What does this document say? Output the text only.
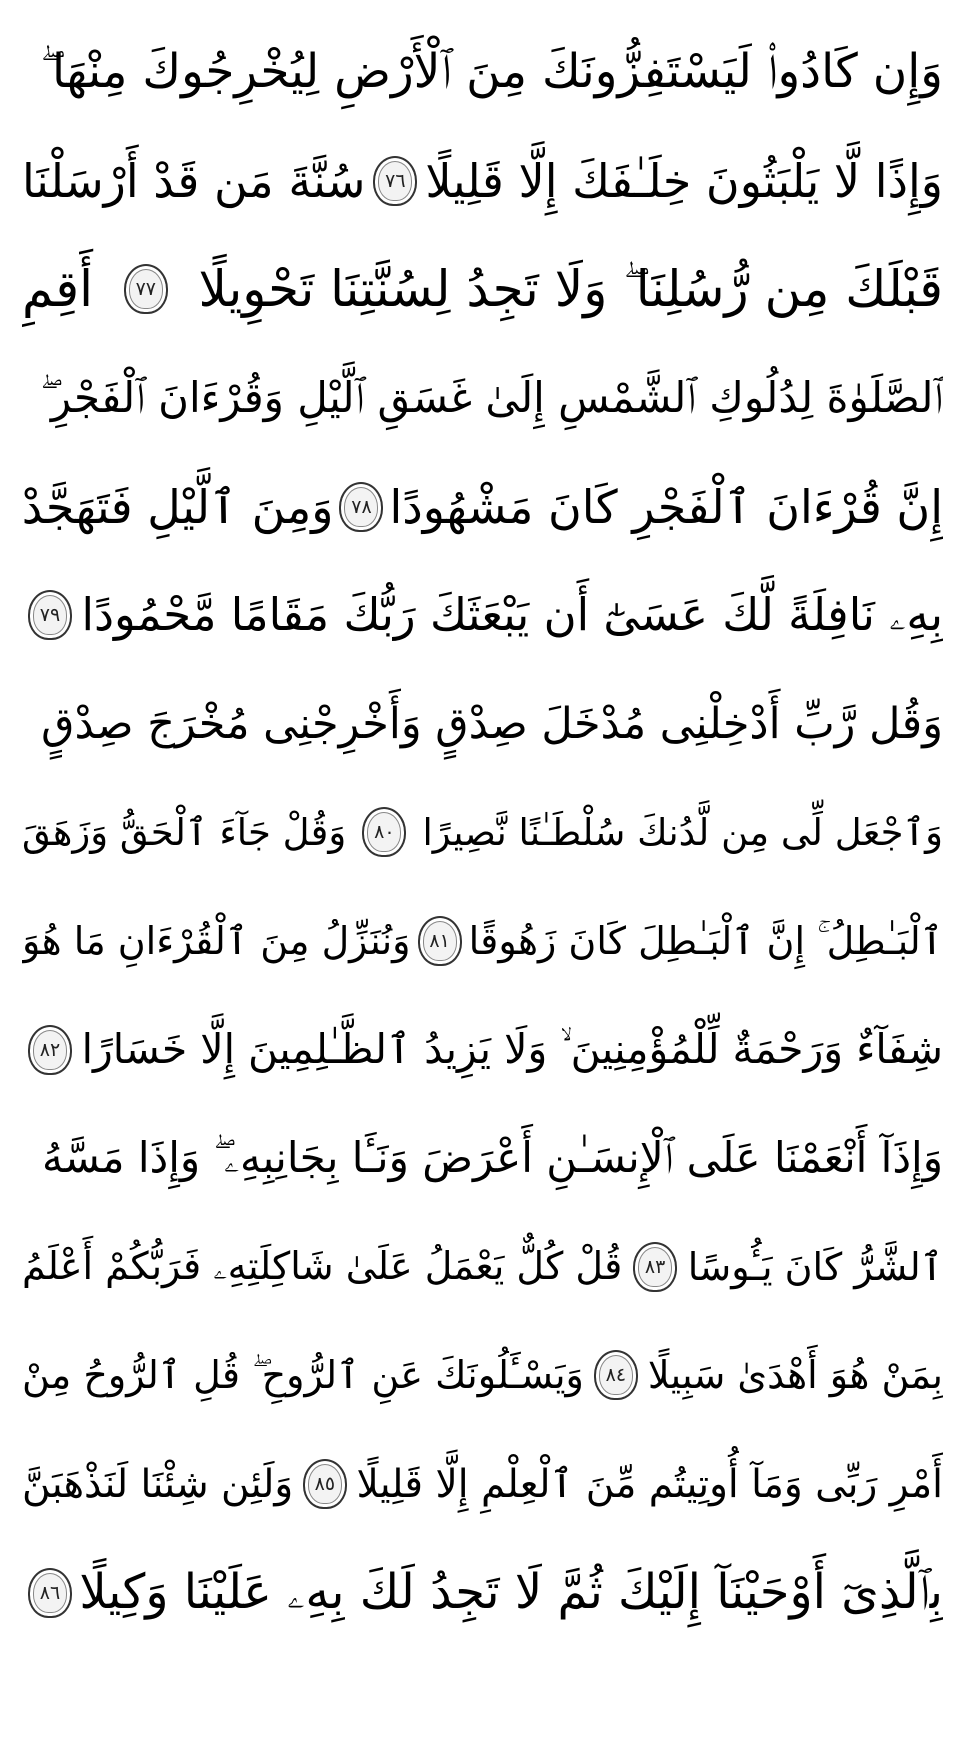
وَإِن كَادُوا۟ لَيَسْتَفِزُّونَكَ مِنَ ٱلْأَرْضِ لِيُخْرِجُوكَ مِنْهَا ۖ
وَإِذًا لَّا يَلْبَثُونَ خِلَـٰفَكَ إِلَّا قَلِيلًا
٧٦
سُنَّةَ مَن قَدْ أَرْسَلْنَا
قَبْلَكَ مِن رُّسُلِنَا ۖ وَلَا تَجِدُ لِسُنَّتِنَا تَحْوِيلًا
٧٧
أَقِمِ
ٱلصَّلَوٰةَ لِدُلُوكِ ٱلشَّمْسِ إِلَىٰ غَسَقِ ٱلَّيْلِ وَقُرْءَانَ ٱلْفَجْرِ ۖ
إِنَّ قُرْءَانَ ٱلْفَجْرِ كَانَ مَشْهُودًا
٧٨
وَمِنَ ٱلَّيْلِ فَتَهَجَّدْ
بِهِۦ نَافِلَةً لَّكَ عَسَىٰٓ أَن يَبْعَثَكَ رَبُّكَ مَقَامًا مَّحْمُودًا
٧٩
وَقُل رَّبِّ أَدْخِلْنِى مُدْخَلَ صِدْقٍ وَأَخْرِجْنِى مُخْرَجَ صِدْقٍ
وَٱجْعَل لِّى مِن لَّدُنكَ سُلْطَـٰنًا نَّصِيرًا
٨٠
وَقُلْ جَآءَ ٱلْحَقُّ وَزَهَقَ
ٱلْبَـٰطِلُ ۚ إِنَّ ٱلْبَـٰطِلَ كَانَ زَهُوقًا
٨١
وَنُنَزِّلُ مِنَ ٱلْقُرْءَانِ مَا هُوَ
شِفَآءٌ وَرَحْمَةٌ لِّلْمُؤْمِنِينَ ۙ وَلَا يَزِيدُ ٱلظَّـٰلِمِينَ إِلَّا خَسَارًا
٨٢
وَإِذَآ أَنْعَمْنَا عَلَى ٱلْإِنسَـٰنِ أَعْرَضَ وَنَـَٔا بِجَانِبِهِۦ ۖ وَإِذَا مَسَّهُ
ٱلشَّرُّ كَانَ يَـُٔوسًا
٨٣
قُلْ كُلٌّ يَعْمَلُ عَلَىٰ شَاكِلَتِهِۦ فَرَبُّكُمْ أَعْلَمُ
بِمَنْ هُوَ أَهْدَىٰ سَبِيلًا
٨٤
وَيَسْـَٔلُونَكَ عَنِ ٱلرُّوحِ ۖ قُلِ ٱلرُّوحُ مِنْ
أَمْرِ رَبِّى وَمَآ أُوتِيتُم مِّنَ ٱلْعِلْمِ إِلَّا قَلِيلًا
٨٥
وَلَئِن شِئْنَا لَنَذْهَبَنَّ
بِٱلَّذِىٓ أَوْحَيْنَآ إِلَيْكَ ثُمَّ لَا تَجِدُ لَكَ بِهِۦ عَلَيْنَا وَكِيلًا
٨٦
